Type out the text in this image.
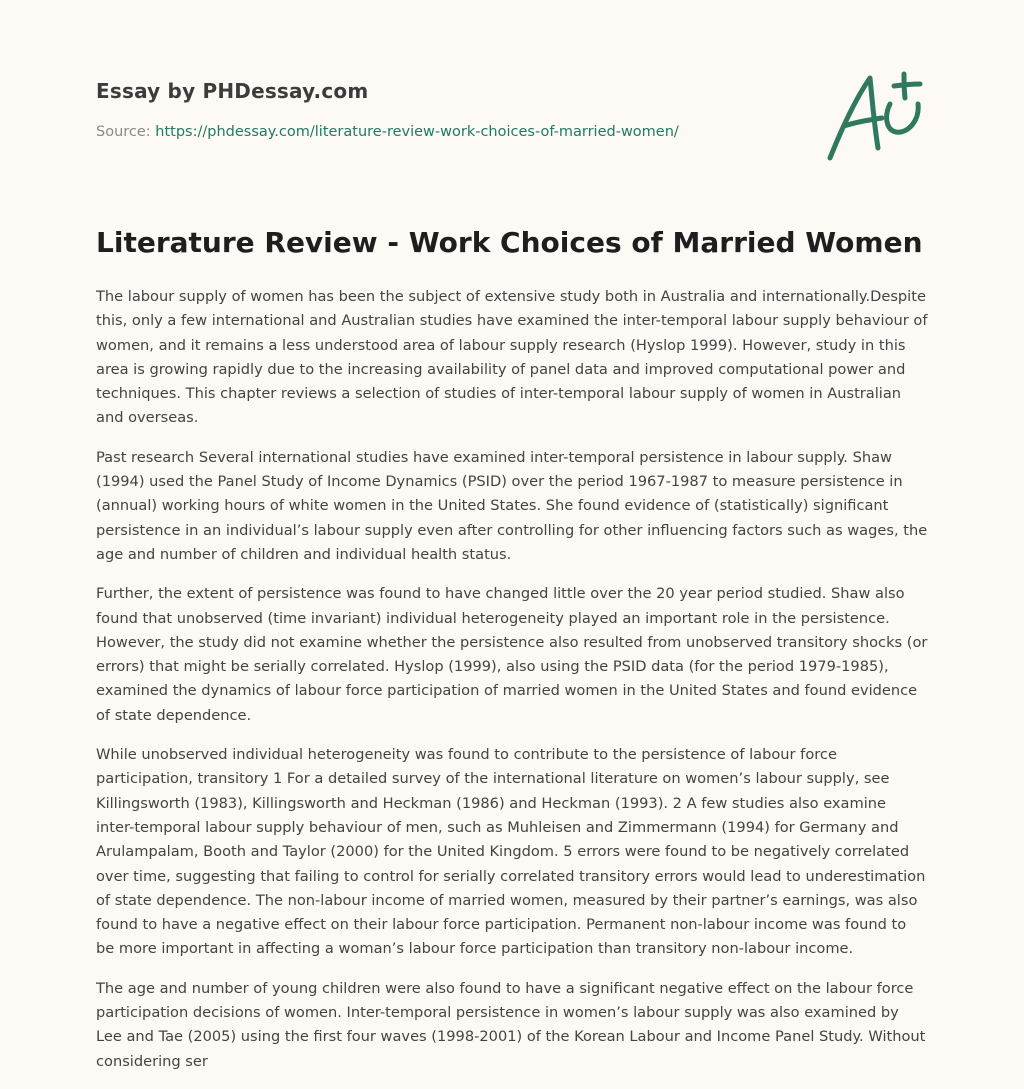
Essay by PHDessay.com
Source: https://phdessay.com/literature-review-work-choices-of-married-women/
Literature Review - Work Choices of Married Women

The labour supply of women has been the subject of extensive study both in Australia and internationally.Despite this, only a few international and Australian studies have examined the inter-temporal labour supply behaviour of women, and it remains a less understood area of labour supply research (Hyslop 1999). However, study in this area is growing rapidly due to the increasing availability of panel data and improved computational power and techniques. This chapter reviews a selection of studies of inter-temporal labour supply of women in Australian and overseas.

Past research Several international studies have examined inter-temporal persistence in labour supply. Shaw (1994) used the Panel Study of Income Dynamics (PSID) over the period 1967-1987 to measure persistence in (annual) working hours of white women in the United States. She found evidence of (statistically) significant persistence in an individual’s labour supply even after controlling for other influencing factors such as wages, the age and number of children and individual health status.

Further, the extent of persistence was found to have changed little over the 20 year period studied. Shaw also found that unobserved (time invariant) individual heterogeneity played an important role in the persistence. However, the study did not examine whether the persistence also resulted from unobserved transitory shocks (or errors) that might be serially correlated. Hyslop (1999), also using the PSID data (for the period 1979-1985), examined the dynamics of labour force participation of married women in the United States and found evidence of state dependence.

While unobserved individual heterogeneity was found to contribute to the persistence of labour force participation, transitory 1 For a detailed survey of the international literature on women’s labour supply, see Killingsworth (1983), Killingsworth and Heckman (1986) and Heckman (1993). 2 A few studies also examine inter-temporal labour supply behaviour of men, such as Muhleisen and Zimmermann (1994) for Germany and Arulampalam, Booth and Taylor (2000) for the United Kingdom. 5 errors were found to be negatively correlated over time, suggesting that failing to control for serially correlated transitory errors would lead to underestimation of state dependence. The non-labour income of married women, measured by their partner’s earnings, was also found to have a negative effect on their labour force participation. Permanent non-labour income was found to be more important in affecting a woman’s labour force participation than transitory non-labour income.

The age and number of young children were also found to have a significant negative effect on the labour force participation decisions of women. Inter-temporal persistence in women’s labour supply was also examined by Lee and Tae (2005) using the first four waves (1998-2001) of the Korean Labour and Income Panel Study. Without considering ser
